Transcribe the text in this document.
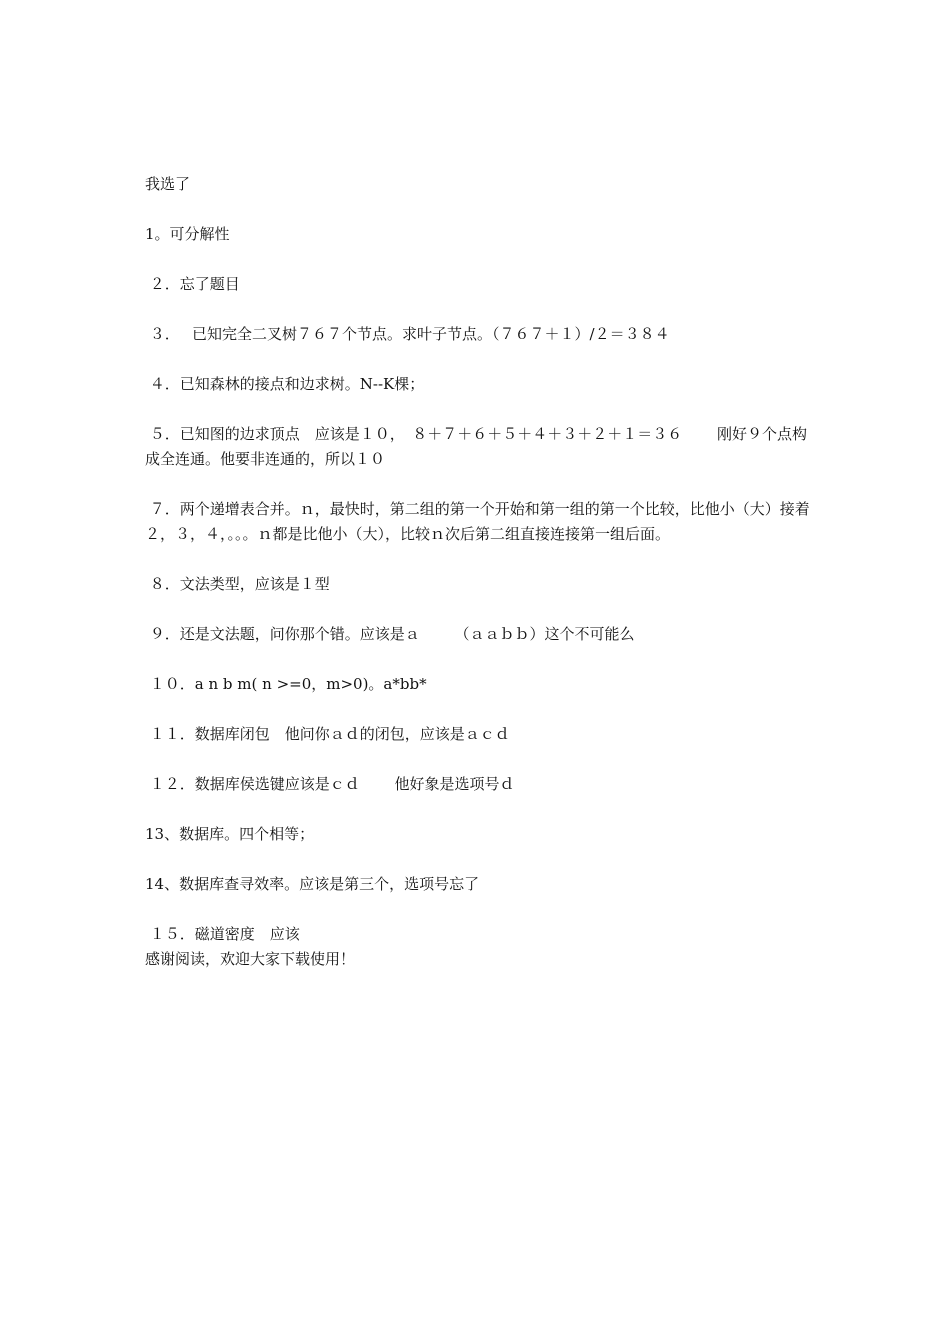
我选了

1。可分解性

２．忘了题目

３．　 已知完全二叉树７６７个节点。求叶子节点。（７６７＋１）/２＝３８４

４．已知森林的接点和边求树。N--K棵；

５．已知图的边求顶点　应该是１０，　８＋７＋６＋５＋４＋３＋２＋１＝３６　　 刚好９个点构成全连通。他要非连通的，所以１０

７．两个递增表合并。ｎ，最快时，第二组的第一个开始和第一组的第一个比较，比他小（大）接着２，３，４，。。。ｎ都是比他小（大），比较ｎ次后第二组直接连接第一组后面。

８．文法类型，应该是１型

９．还是文法题，问你那个错。应该是ａ　　 （ａａｂｂ）这个不可能么

１０．a n b m( n >=0，m>0)。a*bb*

１１．数据库闭包　他问你ａｄ的闭包，应该是ａｃｄ

１２．数据库侯选键应该是ｃｄ　　 他好象是选项号ｄ

13、数据库。四个相等；

14、数据库查寻效率。应该是第三个，选项号忘了

１５．磁道密度　应该

感谢阅读，欢迎大家下载使用！
